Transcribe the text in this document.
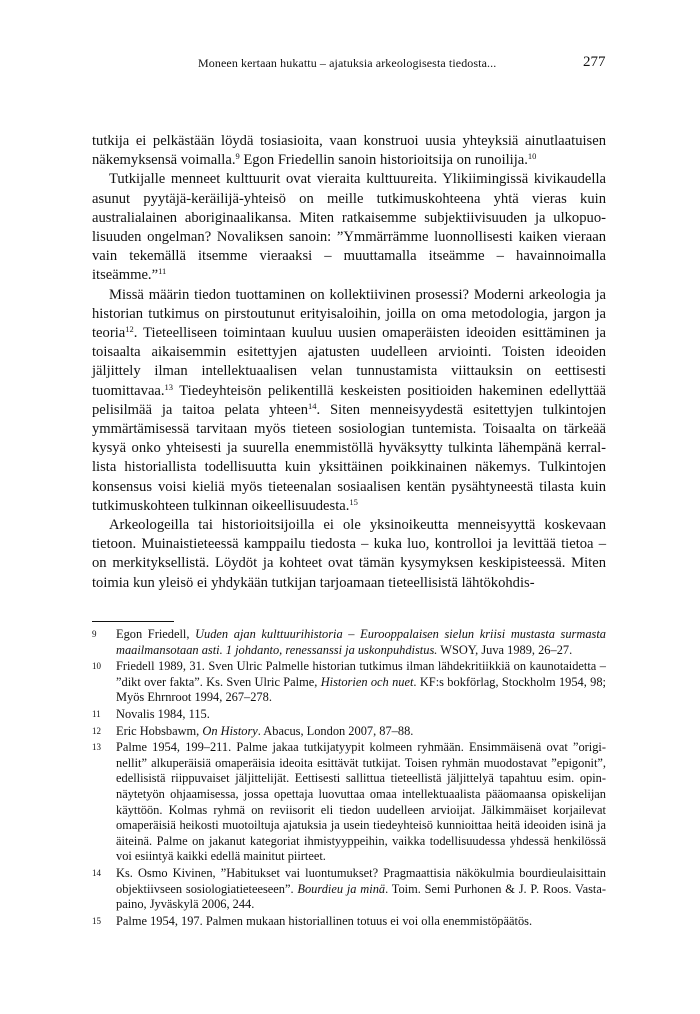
Moneen kertaan hukattu – ajatuksia arkeologisesta tiedosta...	277

tutkija ei pelkästään löydä tosiasioita, vaan konstruoi uusia yhteyksiä ainutlaatuisen näkemyksensä voimalla.$^9$ Egon Friedellin sanoin historioitsija on runoilija.$^{10}$

Tutkijalle menneet kulttuurit ovat vieraita kulttuureita. Ylikiimingissä kivikaudella asunut pyytäjä-keräilijä-yhteisö on meille tutkimuskohteena yhtä vieras kuin australialainen aboriginaalikansa. Miten ratkaisemme subjektiivisuuden ja ulkopuolisuuden ongelman? Novaliksen sanoin: ”Ymmärrämme luonnollisesti kaiken vieraan vain tekemällä itsemme vieraaksi – muuttamalla itseämme – havainnoimalla itseämme.”$^{11}$

Missä määrin tiedon tuottaminen on kollektiivinen prosessi? Moderni arkeologia ja historian tutkimus on pirstoutunut erityisaloihin, joilla on oma metodologia, jargon ja teoria$^{12}$. Tieteelliseen toimintaan kuuluu uusien omaperäisten ideoiden esittäminen ja toisaalta aikaisemmin esitettyjen ajatusten uudelleen arviointi. Toisten ideoiden jäljittely ilman intellektuaalisen velan tunnustamista viittauksin on eettisesti tuomittavaa.$^{13}$ Tiedeyhteisön pelikentillä keskeisten positioiden hakeminen edellyttää pelisilmää ja taitoa pelata yhteen$^{14}$. Siten menneisyydestä esitettyjen tulkintojen ymmärtämisessä tarvitaan myös tieteen sosiologian tuntemista. Toisaalta on tärkeää kysyä onko yhteisesti ja suurella enemmistöllä hyväksytty tulkinta lähempänä kerrallista historiallista todellisuutta kuin yksittäinen poikkinainen näkemys. Tulkintojen konsensus voisi kieliä myös tieteenalan sosiaalisen kentän pysähtyneestä tilasta kuin tutkimuskohteen tulkinnan oikeellisuudesta.$^{15}$

Arkeologeilla tai historioitsijoilla ei ole yksinoikeutta menneisyyttä koskevaan tietoon. Muinaistieteessä kamppailu tiedosta – kuka luo, kontrolloi ja levittää tietoa – on merkityksellistä. Löydöt ja kohteet ovat tämän kysymyksen keskipisteessä. Miten toimia kun yleisö ei yhdykään tutkijan tarjoamaan tieteellisistä lähtökohdis-

9	Egon Friedell, Uuden ajan kulttuurihistoria – Eurooppalaisen sielun kriisi mustasta surmasta maailmansotaan asti. 1 johdanto, renessanssi ja uskonpuhdistus. WSOY, Juva 1989, 26–27.
10	Friedell 1989, 31. Sven Ulric Palmelle historian tutkimus ilman lähdekritiikkiä on kaunotaidetta – ”dikt over fakta”. Ks. Sven Ulric Palme, Historien och nuet. KF:s bokförlag, Stockholm 1954, 98; Myös Ehrnroot 1994, 267–278.
11	Novalis 1984, 115.
12	Eric Hobsbawm, On History. Abacus, London 2007, 87–88.
13	Palme 1954, 199–211. Palme jakaa tutkijatyypit kolmeen ryhmään. Ensimmäisenä ovat ”originellit” alkuperäisiä omaperäisia ideoita esittävät tutkijat. Toisen ryhmän muodostavat ”epigonit”, edellisistä riippuvaiset jäljittelijät. Eettisesti sallittua tieteellistä jäljittelyä tapahtuu esim. opinnäytetyön ohjaamisessa, jossa opettaja luovuttaa omaa intellektuaalista pääomaansa opiskelijan käyttöön. Kolmas ryhmä on reviisorit eli tiedon uudelleen arvioijat. Jälkimmäiset korjailevat omaperäisiä heikosti muotoiltuja ajatuksia ja usein tiedeyhteisö kunnioittaa heitä ideoiden isinä ja äiteinä. Palme on jakanut kategoriat ihmistyyppeihin, vaikka todellisuudessa yhdessä henkilössä voi esiintyä kaikki edellä mainitut piirteet.
14	Ks. Osmo Kivinen, ”Habitukset vai luontumukset? Pragmaattisia näkökulmia bourdieulaisittain objektiivseen sosiologiatieteeseen”. Bourdieu ja minä. Toim. Semi Purhonen & J. P. Roos. Vastapaino, Jyväskylä 2006, 244.
15	Palme 1954, 197. Palmen mukaan historiallinen totuus ei voi olla enemmistöpäätös.
